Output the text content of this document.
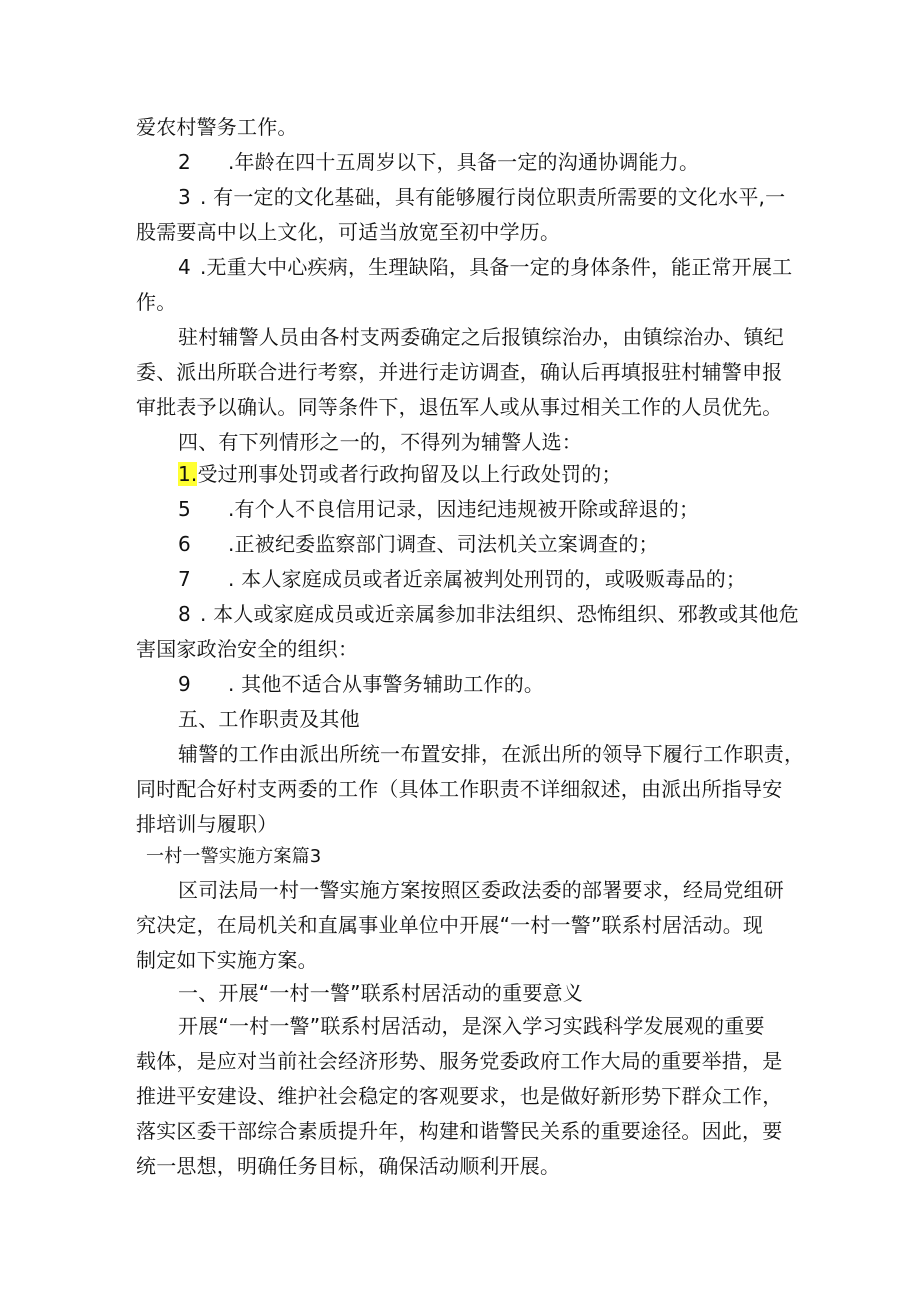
爱农村警务工作。
2 .年龄在四十五周岁以下，具备一定的沟通协调能力。
3 . 有一定的文化基础，具有能够履行岗位职责所需要的文化水平,一
股需要高中以上文化，可适当放宽至初中学历。
4 .无重大中心疾病，生理缺陷，具备一定的身体条件，能正常开展工
作。
驻村辅警人员由各村支两委确定之后报镇综治办，由镇综治办、镇纪
委、派出所联合进行考察，并进行走访调查，确认后再填报驻村辅警申报
审批表予以确认。同等条件下，退伍军人或从事过相关工作的人员优先。
四、有下列情形之一的，不得列为辅警人选：
1.受过刑事处罚或者行政拘留及以上行政处罚的；
5 .有个人不良信用记录，因违纪违规被开除或辞退的；
6 .正被纪委监察部门调查、司法机关立案调查的；
7 . 本人家庭成员或者近亲属被判处刑罚的，或吸贩毒品的；
8 . 本人或家庭成员或近亲属参加非法组织、恐怖组织、邪教或其他危
害国家政治安全的组织：
9 . 其他不适合从事警务辅助工作的。
五、工作职责及其他
辅警的工作由派出所统一布置安排，在派出所的领导下履行工作职责，
同时配合好村支两委的工作（具体工作职责不详细叙述，由派出所指导安
排培训与履职）
一村一警实施方案篇3
区司法局一村一警实施方案按照区委政法委的部署要求，经局党组研
究决定，在局机关和直属事业单位中开展“一村一警”联系村居活动。现
制定如下实施方案。
一、开展“一村一警”联系村居活动的重要意义
开展“一村一警”联系村居活动，是深入学习实践科学发展观的重要
载体，是应对当前社会经济形势、服务党委政府工作大局的重要举措，是
推进平安建设、维护社会稳定的客观要求，也是做好新形势下群众工作，
落实区委干部综合素质提升年，构建和谐警民关系的重要途径。因此，要
统一思想，明确任务目标，确保活动顺利开展。
